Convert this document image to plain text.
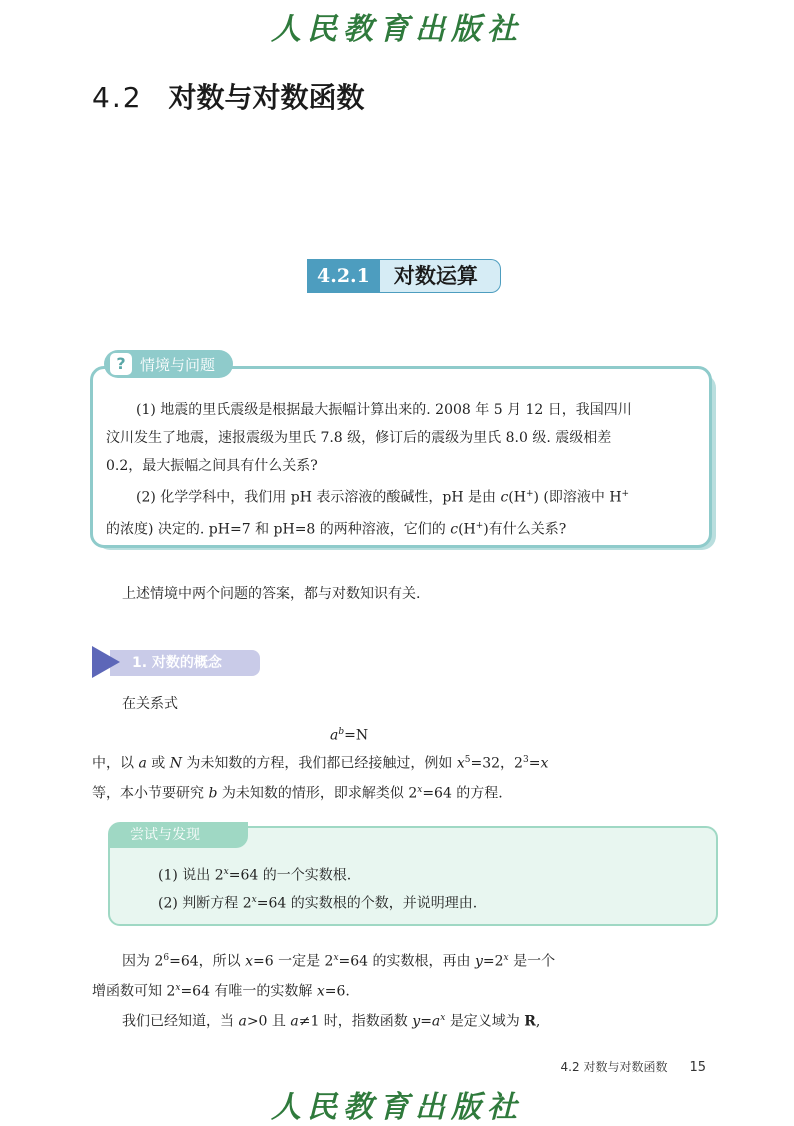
人民教育出版社
4.2 对数与对数函数
4.2.1	对数运算
? 情境与问题

(1) 地震的里氏震级是根据最大振幅计算出来的. 2008 年 5 月 12 日，我国四川

汶川发生了地震，速报震级为里氏 7.8 级，修订后的震级为里氏 8.0 级. 震级相差

0.2，最大振幅之间具有什么关系?

(2) 化学学科中，我们用 pH 表示溶液的酸碱性，pH 是由 c(H+) (即溶液中 H+

的浓度) 决定的. pH=7 和 pH=8 的两种溶液，它们的 c(H+)有什么关系?

上述情境中两个问题的答案，都与对数知识有关.
1. 对数的概念
在关系式
$a^b=N$
中，以 a 或 N 为未知数的方程，我们都已经接触过，例如 $x^5=32$，$2^3=x$
等，本小节要研究 b 为未知数的情形，即求解类似 $2^x=64$ 的方程.
尝试与发现
(1) 说出 $2^x=64$ 的一个实数根.
(2) 判断方程 $2^x=64$ 的实数根的个数，并说明理由.
因为 $2^6=64$，所以 x=6 一定是 $2^x=64$ 的实数根，再由 $y=2^x$ 是一个
增函数可知 $2^x=64$ 有唯一的实数解 x=6.
我们已经知道，当 a>0 且 a≠1 时，指数函数 $y=a^x$ 是定义域为 R,
4.2 对数与对数函数 15
人民教育出版社
